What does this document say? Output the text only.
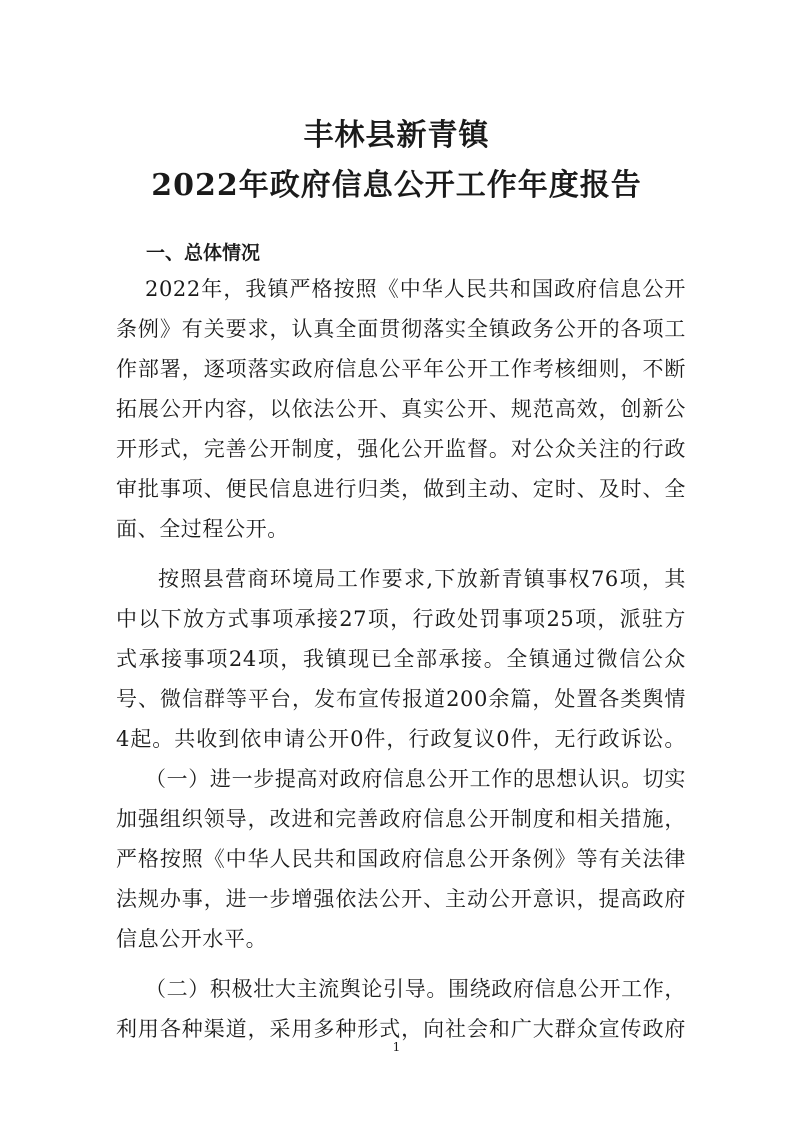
丰林县新青镇
2022年政府信息公开工作年度报告
一、总体情况
2022年，我镇严格按照《中华人民共和国政府信息公开
条例》有关要求，认真全面贯彻落实全镇政务公开的各项工
作部署，逐项落实政府信息公平年公开工作考核细则，不断
拓展公开内容，以依法公开、真实公开、规范高效，创新公
开形式，完善公开制度，强化公开监督。对公众关注的行政
审批事项、便民信息进行归类，做到主动、定时、及时、全
面、全过程公开。
按照县营商环境局工作要求,下放新青镇事权76项，其
中以下放方式事项承接27项，行政处罚事项25项，派驻方
式承接事项24项，我镇现已全部承接。全镇通过微信公众
号、微信群等平台，发布宣传报道200余篇，处置各类舆情
4起。共收到依申请公开0件，行政复议0件，无行政诉讼。
（一）进一步提高对政府信息公开工作的思想认识。切实
加强组织领导，改进和完善政府信息公开制度和相关措施，
严格按照《中华人民共和国政府信息公开条例》等有关法律
法规办事，进一步增强依法公开、主动公开意识，提高政府
信息公开水平。
（二）积极壮大主流舆论引导。围绕政府信息公开工作，
利用各种渠道，采用多种形式，向社会和广大群众宣传政府
1
